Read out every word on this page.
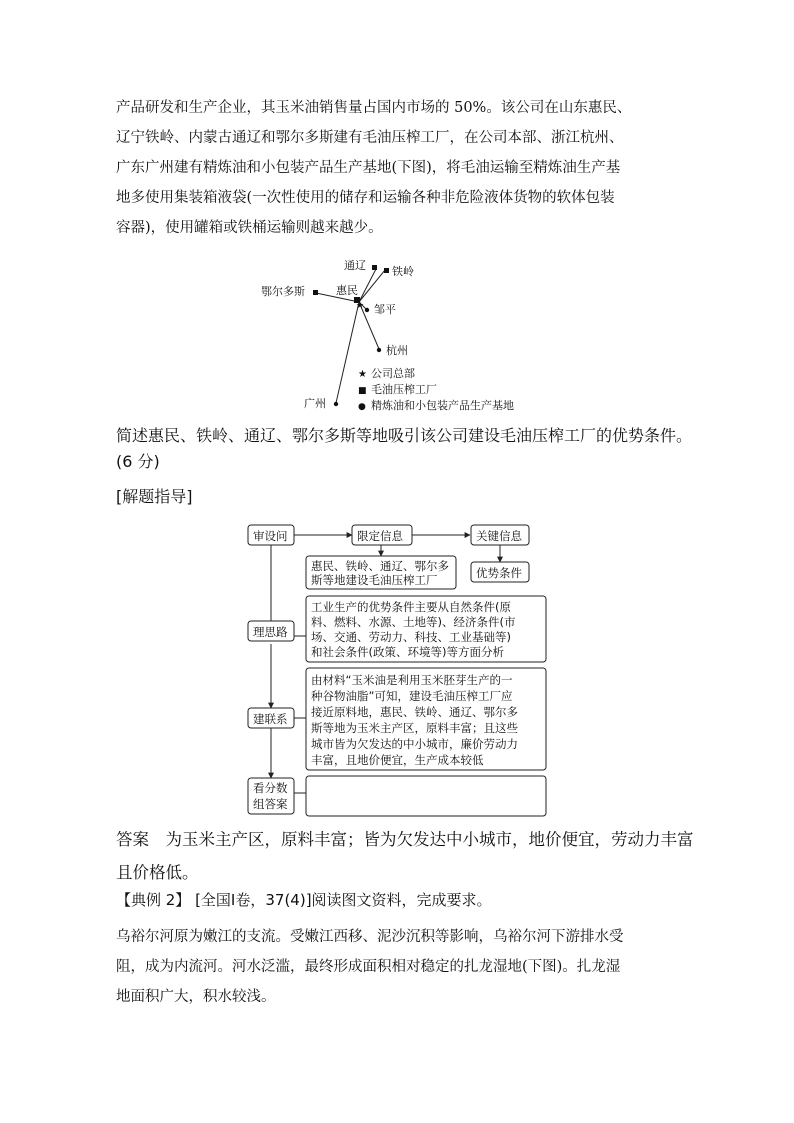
产品研发和生产企业，其玉米油销售量占国内市场的 50%。该公司在山东惠民、
辽宁铁岭、内蒙古通辽和鄂尔多斯建有毛油压榨工厂，在公司本部、浙江杭州、
广东广州建有精炼油和小包装产品生产基地(下图)，将毛油运输至精炼油生产基
地多使用集装箱液袋(一次性使用的储存和运输各种非危险液体货物的软体包装
容器)，使用罐箱或铁桶运输则越来越少。
★
通辽 铁岭
鄂尔多斯	惠民
邹平
杭州
广州
★ 公司总部
■ 毛油压榨工厂
● 精炼油和小包装产品生产基地
简述惠民、铁岭、通辽、鄂尔多斯等地吸引该公司建设毛油压榨工厂的优势条件。
(6 分)
[解题指导]
审设问	限定信息	关键信息
惠民、铁岭、通辽、鄂尔多
斯等地建设毛油压榨工厂	优势条件
理思路
工业生产的优势条件主要从自然条件(原
料、燃料、水源、土地等)、经济条件(市
场、交通、劳动力、科技、工业基础等)
和社会条件(政策、环境等)等方面分析
建联系
由材料“玉米油是利用玉米胚芽生产的一
种谷物油脂”可知，建设毛油压榨工厂应
接近原料地，惠民、铁岭、通辽、鄂尔多
斯等地为玉米主产区，原料丰富；且这些
城市皆为欠发达的中小城市，廉价劳动力
丰富，且地价便宜，生产成本较低
看分数
组答案
答案　为玉米主产区，原料丰富；皆为欠发达中小城市，地价便宜，劳动力丰富
且价格低。
【典例 2】 [全国Ⅰ卷，37(4)]阅读图文资料，完成要求。
乌裕尔河原为嫩江的支流。受嫩江西移、泥沙沉积等影响，乌裕尔河下游排水受
阻，成为内流河。河水泛滥，最终形成面积相对稳定的扎龙湿地(下图)。扎龙湿
地面积广大，积水较浅。
